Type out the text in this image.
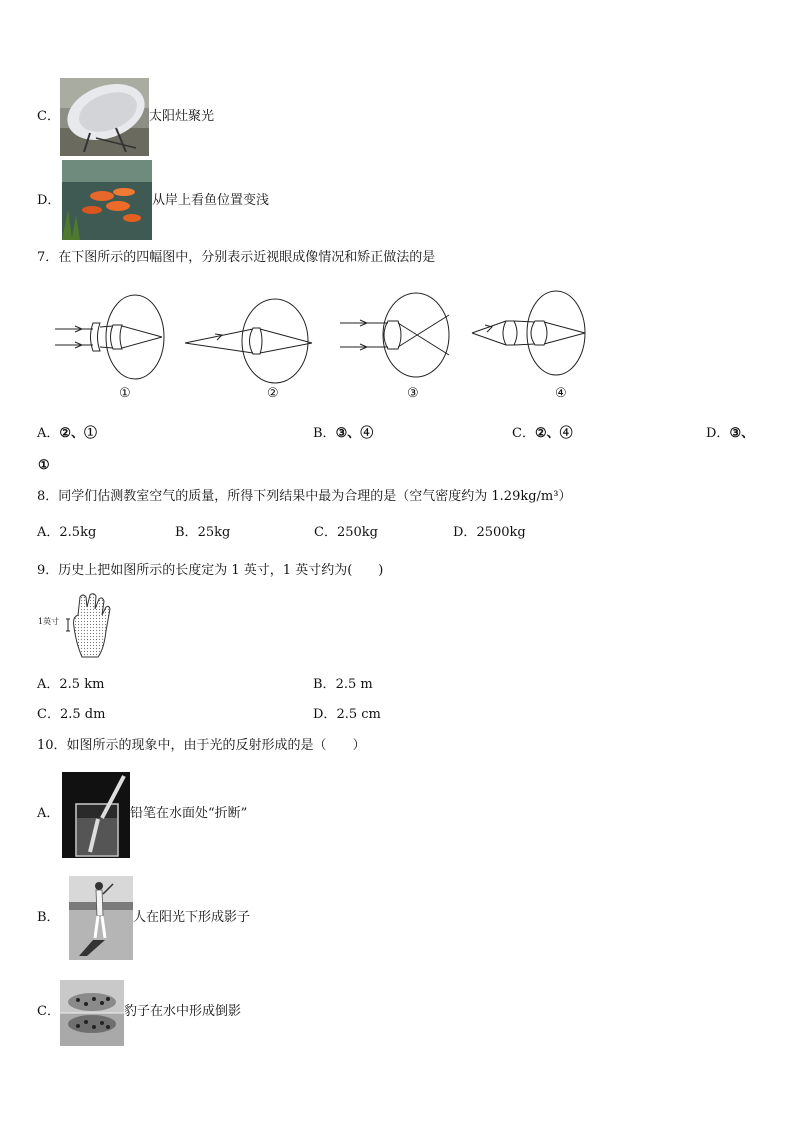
C．	太阳灶聚光
D．	从岸上看鱼位置变浅
7．在下图所示的四幅图中，分别表示近视眼成像情况和矫正做法的是
①	②	③	④
A．②、①	B．③、④	C．②、④	D．③、
①
8．同学们估测教室空气的质量，所得下列结果中最为合理的是（空气密度约为 1.29kg/m³）
A．2.5kg	B．25kg	C．250kg	D．2500kg
9．历史上把如图所示的长度定为 1 英寸，1 英寸约为(　　)
1英寸
A．2.5 km	B．2.5 m
C．2.5 dm	D．2.5 cm
10．如图所示的现象中，由于光的反射形成的是（　　）
A．	铅笔在水面处“折断”
B．	人在阳光下形成影子
C．	豹子在水中形成倒影
